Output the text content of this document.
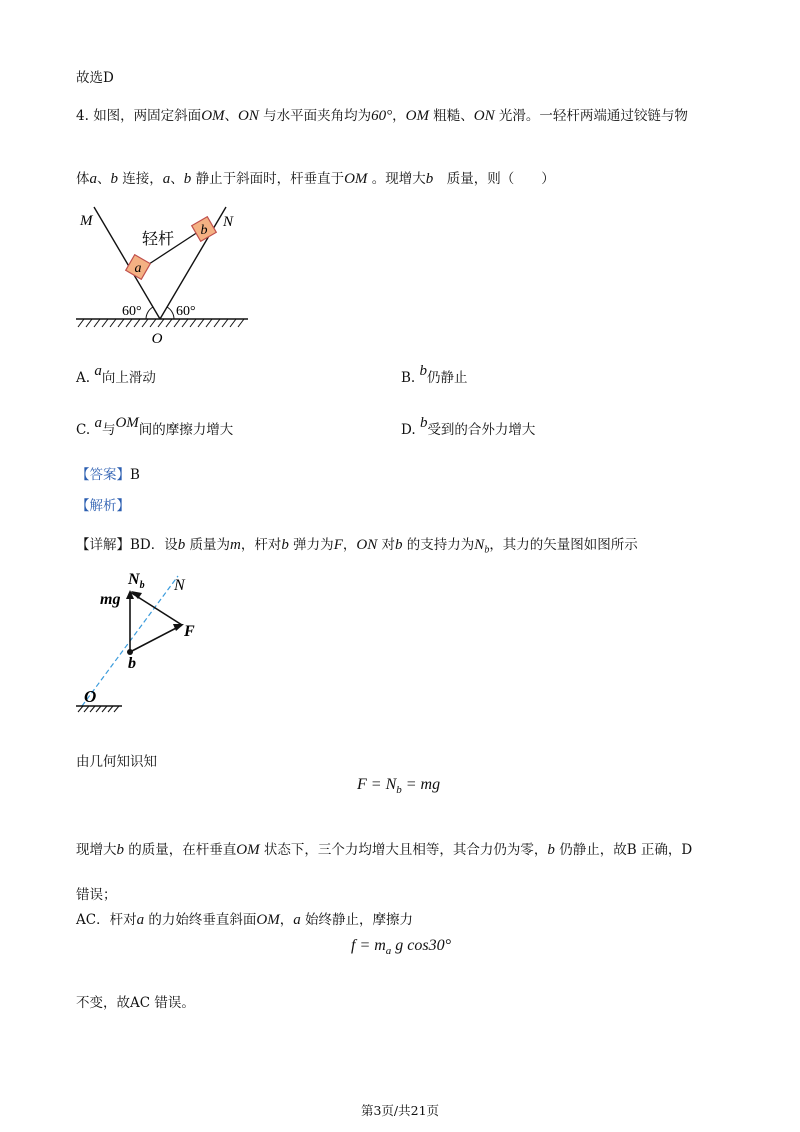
故选D
4. 如图，两固定斜面OM、ON 与水平面夹角均为60°，OM 粗糙、ON 光滑。一轻杆两端通过铰链与物
体a、b 连接，a、b 静止于斜面时，杆垂直于OM 。现增大b　质量，则（　　）
a
b
M	N
O
轻杆
60° 60°
A. a向上滑动	B. b仍静止
C. a与OM间的摩擦力增大	D. b受到的合外力增大
【答案】B
【解析】
【详解】BD．设b 质量为m，杆对b 弹力为F，ON 对b 的支持力为$N_b$，其力的矢量图如图所示
$N_b$
mg
N
F
b
O
由几何知识知
$F = N_b$ = mg
现增大b 的质量，在杆垂直OM 状态下，三个力均增大且相等，其合力仍为零，b 仍静止，故B 正确，D
错误；
AC．杆对a 的力始终垂直斜面OM，a 始终静止，摩擦力
$f = m_a$ g cos30°
不变，故AC 错误。
第3页/共21页
